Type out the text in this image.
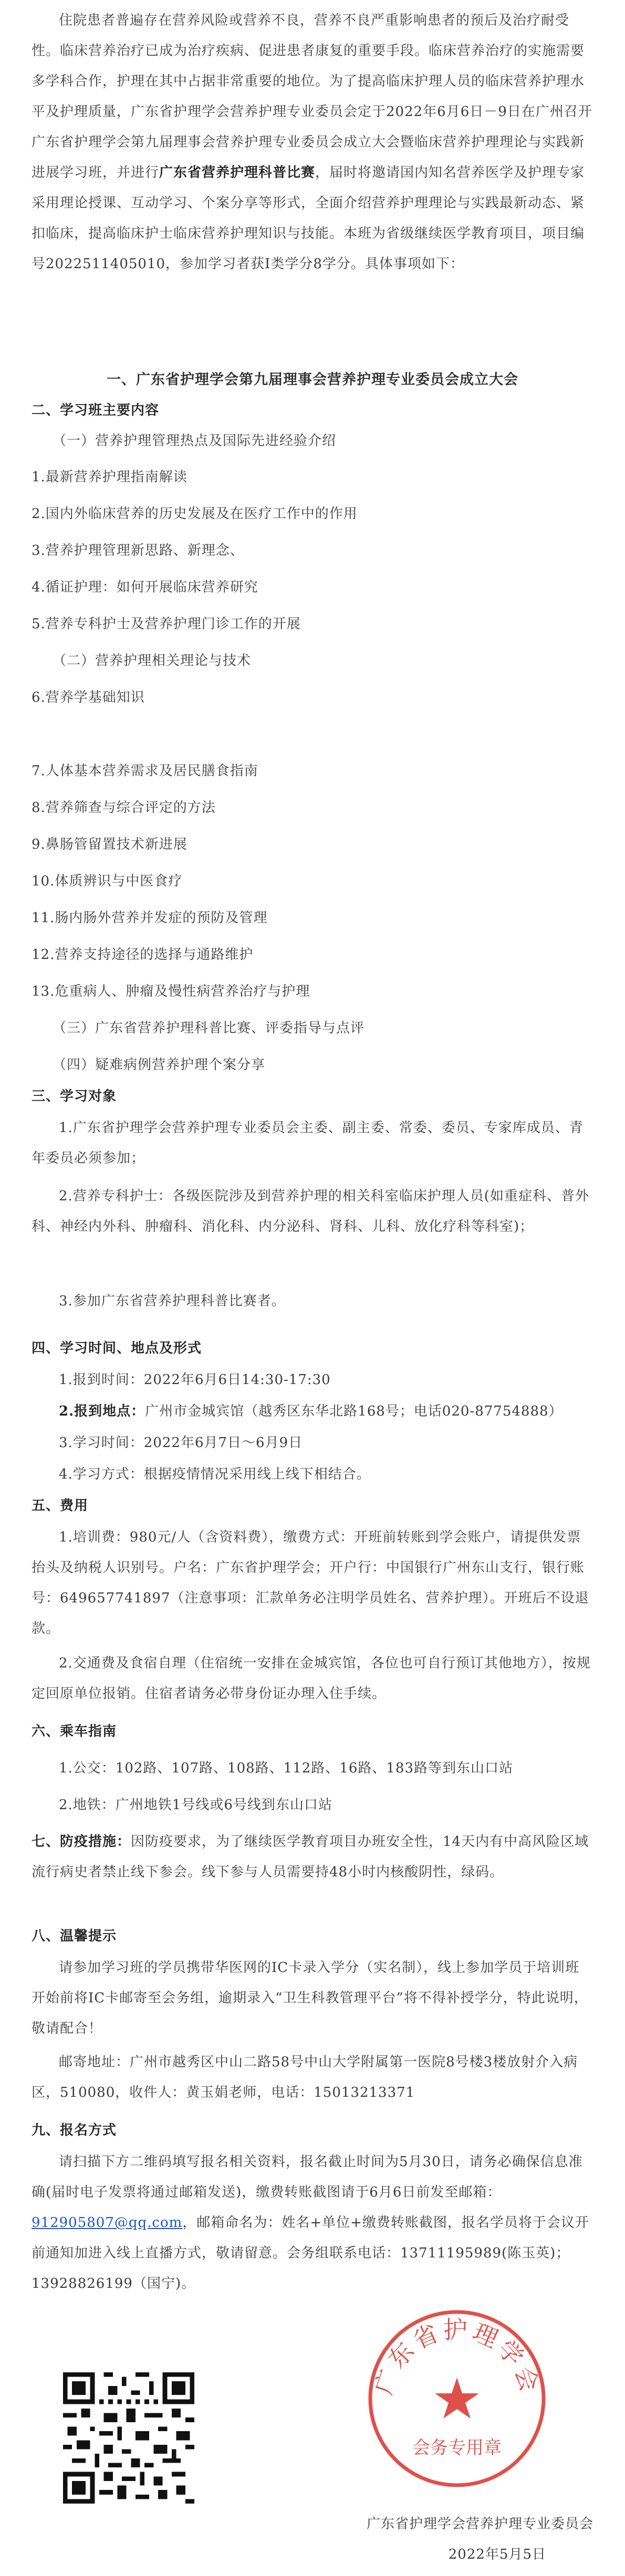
住院患者普遍存在营养风险或营养不良，营养不良严重影响患者的预后及治疗耐受性。临床营养治疗已成为治疗疾病、促进患者康复的重要手段。临床营养治疗的实施需要多学科合作，护理在其中占据非常重要的地位。为了提高临床护理人员的临床营养护理水平及护理质量，广东省护理学会营养护理专业委员会定于2022年6月6日－9日在广州召开广东省护理学会第九届理事会营养护理专业委员会成立大会暨临床营养护理理论与实践新进展学习班，并进行广东省营养护理科普比赛，届时将邀请国内知名营养医学及护理专家采用理论授课、互动学习、个案分享等形式，全面介绍营养护理理论与实践最新动态、紧扣临床，提高临床护士临床营养护理知识与技能。本班为省级继续医学教育项目，项目编号2022511405010，参加学习者获Ⅰ类学分8学分。具体事项如下：
一、广东省护理学会第九届理事会营养护理专业委员会成立大会
二、学习班主要内容
（一）营养护理管理热点及国际先进经验介绍
1.最新营养护理指南解读
2.国内外临床营养的历史发展及在医疗工作中的作用
3.营养护理管理新思路、新理念、
4.循证护理：如何开展临床营养研究
5.营养专科护士及营养护理门诊工作的开展
（二）营养护理相关理论与技术
6.营养学基础知识
7.人体基本营养需求及居民膳食指南
8.营养筛查与综合评定的方法
9.鼻肠管留置技术新进展
10.体质辨识与中医食疗
11.肠内肠外营养并发症的预防及管理
12.营养支持途径的选择与通路维护
13.危重病人、肿瘤及慢性病营养治疗与护理
（三）广东省营养护理科普比赛、评委指导与点评
（四）疑难病例营养护理个案分享
三、学习对象
1.广东省护理学会营养护理专业委员会主委、副主委、常委、委员、专家库成员、青年委员必须参加；
2.营养专科护士：各级医院涉及到营养护理的相关科室临床护理人员(如重症科、普外科、神经内外科、肿瘤科、消化科、内分泌科、肾科、儿科、放化疗科等科室)；
3.参加广东省营养护理科普比赛者。
四、学习时间、地点及形式
1.报到时间：2022年6月6日14:30-17:30
2.报到地点：广州市金城宾馆（越秀区东华北路168号；电话020-87754888）
3.学习时间：2022年6月7日～6月9日
4.学习方式：根据疫情情况采用线上线下相结合。
五、费用
1.培训费：980元/人（含资料费），缴费方式：开班前转账到学会账户，请提供发票抬头及纳税人识别号。户名：广东省护理学会；开户行：中国银行广州东山支行，银行账号：649657741897（注意事项：汇款单务必注明学员姓名、营养护理）。开班后不设退款。
2.交通费及食宿自理（住宿统一安排在金城宾馆，各位也可自行预订其他地方），按规定回原单位报销。住宿者请务必带身份证办理入住手续。
六、乘车指南
1.公交：102路、107路、108路、112路、16路、183路等到东山口站
2.地铁：广州地铁1号线或6号线到东山口站
七、防疫措施：因防疫要求，为了继续医学教育项目办班安全性，14天内有中高风险区域流行病史者禁止线下参会。线下参与人员需要持48小时内核酸阴性，绿码。
八、温馨提示
请参加学习班的学员携带华医网的IC卡录入学分（实名制），线上参加学员于培训班开始前将IC卡邮寄至会务组，逾期录入“卫生科教管理平台”将不得补授学分，特此说明，敬请配合！
邮寄地址：广州市越秀区中山二路58号中山大学附属第一医院8号楼3楼放射介入病区，510080，收件人：黄玉娟老师，电话：15013213371
九、报名方式
请扫描下方二维码填写报名相关资料，报名截止时间为5月30日，请务必确保信息准确(届时电子发票将通过邮箱发送)，缴费转账截图请于6月6日前发至邮箱：912905807@qq.com，邮箱命名为：姓名+单位+缴费转账截图，报名学员将于会议开前通知加进入线上直播方式，敬请留意。会务组联系电话：13711195989(陈玉英)；13928826199（国宁)。
广东省护理学会
会务专用章
广东省护理学会营养护理专业委员会
2022年5月5日
